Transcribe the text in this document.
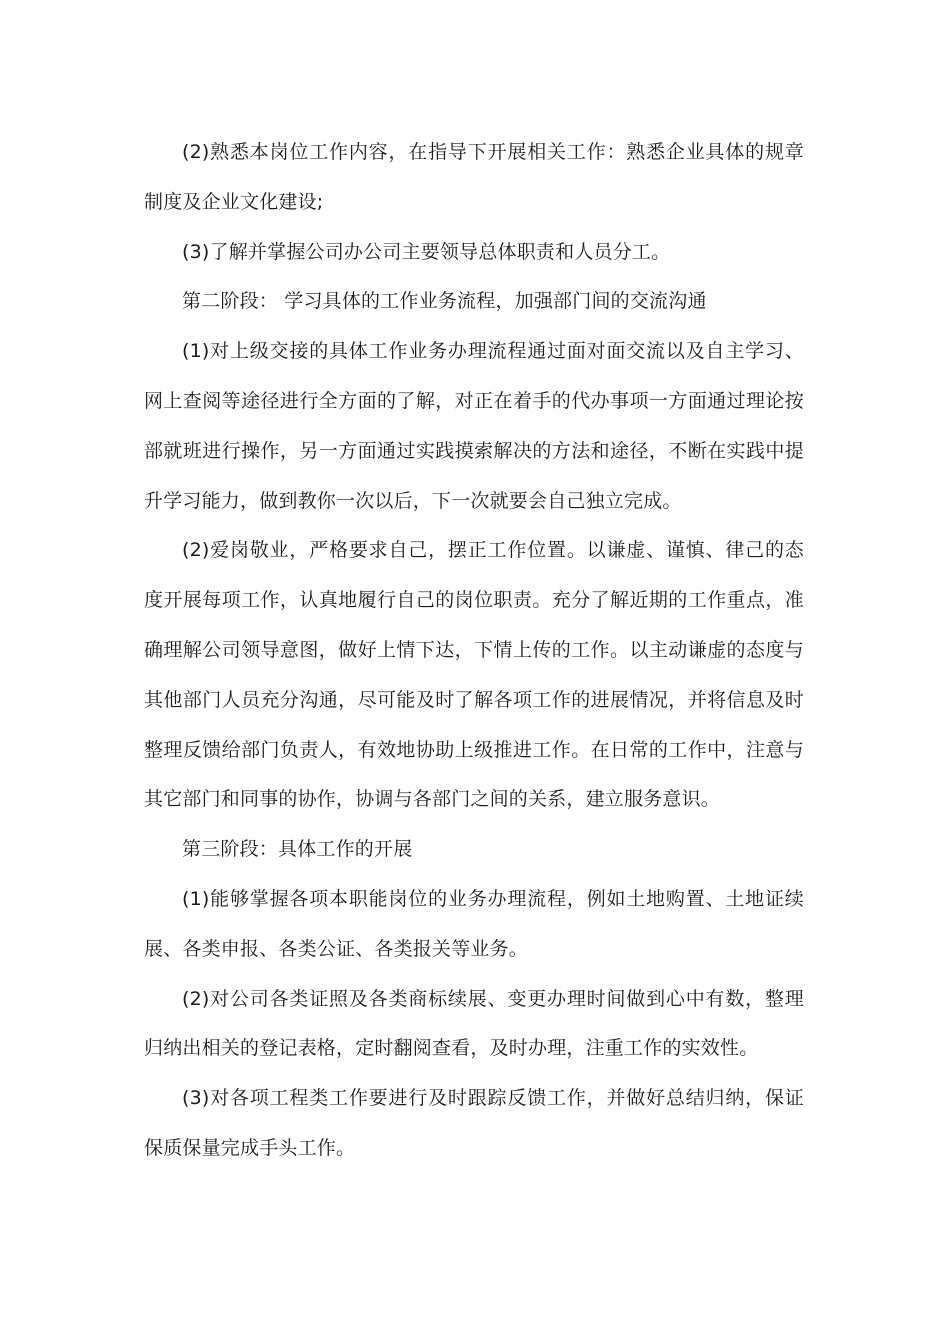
(2)熟悉本岗位工作内容，在指导下开展相关工作：熟悉企业具体的规章制度及企业文化建设;

(3)了解并掌握公司办公司主要领导总体职责和人员分工。

第二阶段： 学习具体的工作业务流程，加强部门间的交流沟通

(1)对上级交接的具体工作业务办理流程通过面对面交流以及自主学习、网上查阅等途径进行全方面的了解，对正在着手的代办事项一方面通过理论按部就班进行操作，另一方面通过实践摸索解决的方法和途径，不断在实践中提升学习能力，做到教你一次以后，下一次就要会自己独立完成。

(2)爱岗敬业，严格要求自己，摆正工作位置。以谦虚、谨慎、律己的态度开展每项工作，认真地履行自己的岗位职责。充分了解近期的工作重点，准确理解公司领导意图，做好上情下达，下情上传的工作。以主动谦虚的态度与其他部门人员充分沟通，尽可能及时了解各项工作的进展情况，并将信息及时整理反馈给部门负责人，有效地协助上级推进工作。在日常的工作中，注意与其它部门和同事的协作，协调与各部门之间的关系，建立服务意识。

第三阶段：具体工作的开展

(1)能够掌握各项本职能岗位的业务办理流程，例如土地购置、土地证续展、各类申报、各类公证、各类报关等业务。

(2)对公司各类证照及各类商标续展、变更办理时间做到心中有数，整理归纳出相关的登记表格，定时翻阅查看，及时办理，注重工作的实效性。

(3)对各项工程类工作要进行及时跟踪反馈工作，并做好总结归纳，保证保质保量完成手头工作。
